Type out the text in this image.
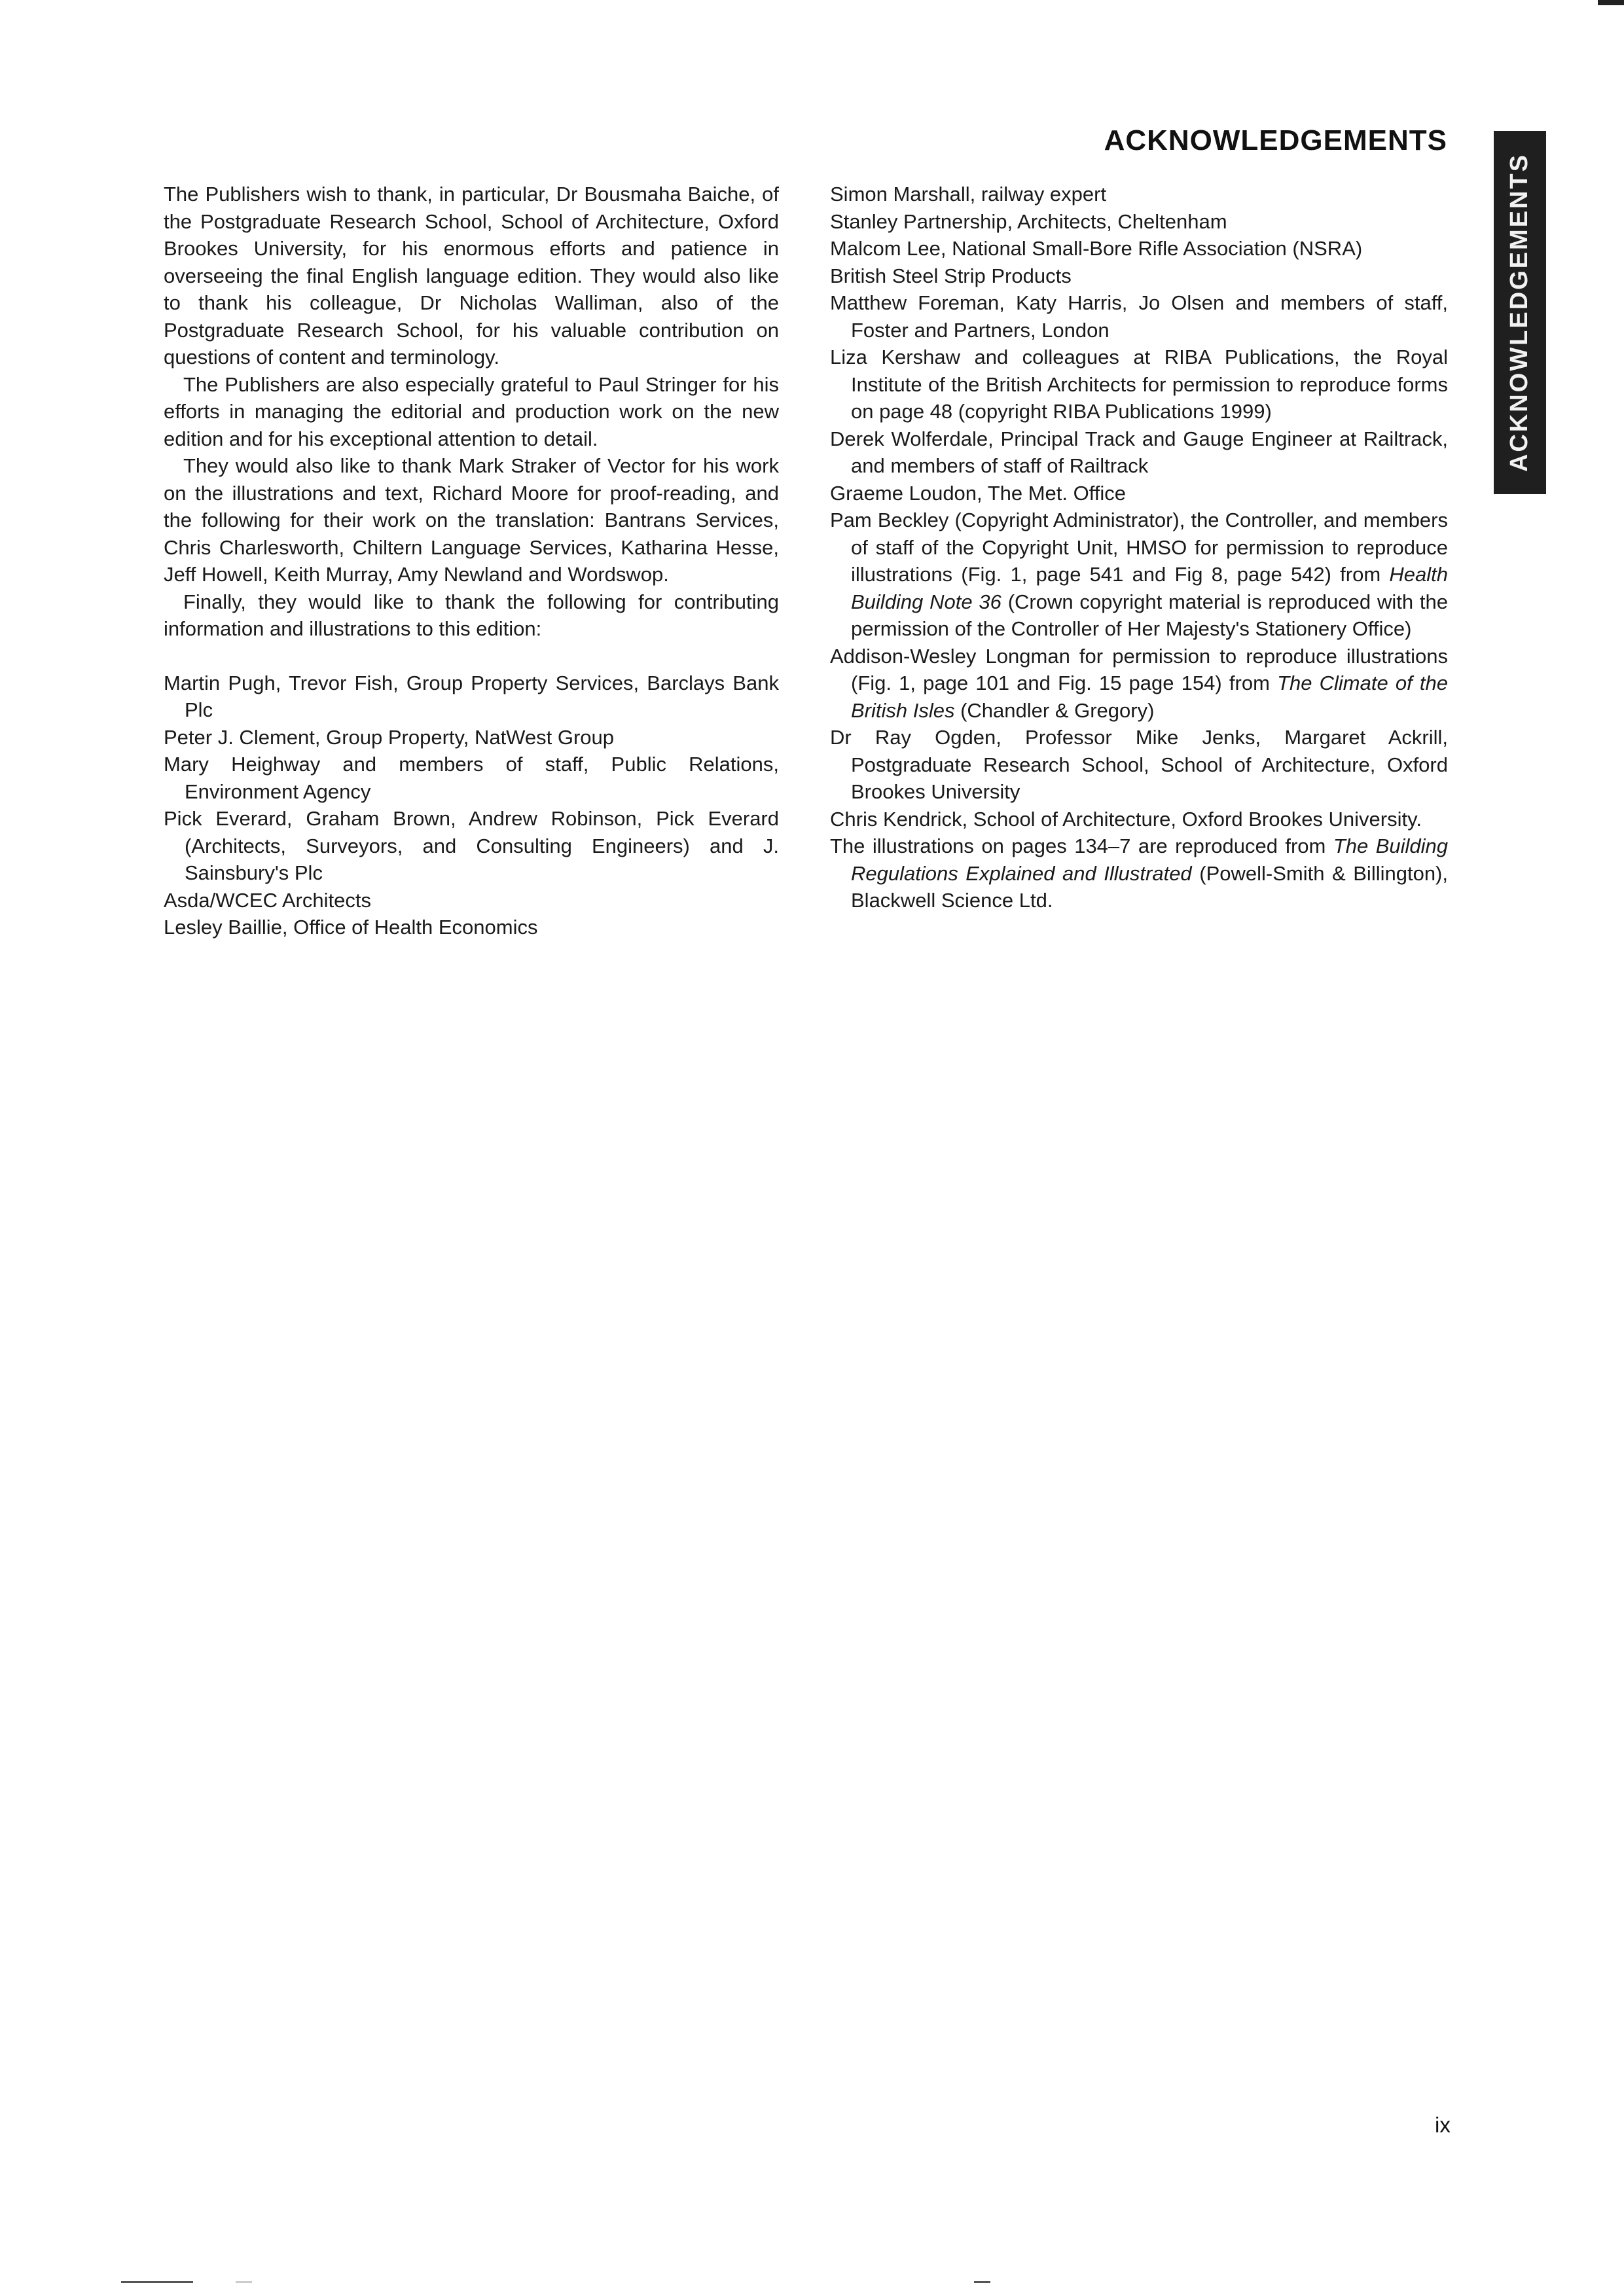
ACKNOWLEDGEMENTS
ACKNOWLEDGEMENTS

The Publishers wish to thank, in particular, Dr Bousmaha Baiche, of the Postgraduate Research School, School of Architecture, Oxford Brookes University, for his enormous efforts and patience in overseeing the final English language edition. They would also like to thank his colleague, Dr Nicholas Walliman, also of the Postgraduate Research School, for his valuable contribution on questions of content and terminology.

The Publishers are also especially grateful to Paul Stringer for his efforts in managing the editorial and production work on the new edition and for his exceptional attention to detail.

They would also like to thank Mark Straker of Vector for his work on the illustrations and text, Richard Moore for proof-reading, and the following for their work on the translation: Bantrans Services, Chris Charlesworth, Chiltern Language Services, Katharina Hesse, Jeff Howell, Keith Murray, Amy Newland and Wordswop.

Finally, they would like to thank the following for contributing information and illustrations to this edition:

Martin Pugh, Trevor Fish, Group Property Services, Barclays Bank Plc

Peter J. Clement, Group Property, NatWest Group

Mary Heighway and members of staff, Public Relations, Environment Agency

Pick Everard, Graham Brown, Andrew Robinson, Pick Everard (Architects, Surveyors, and Consulting Engineers) and J. Sainsbury's Plc

Asda/WCEC Architects

Lesley Baillie, Office of Health Economics

Simon Marshall, railway expert

Stanley Partnership, Architects, Cheltenham

Malcom Lee, National Small-Bore Rifle Association (NSRA)

British Steel Strip Products

Matthew Foreman, Katy Harris, Jo Olsen and members of staff, Foster and Partners, London

Liza Kershaw and colleagues at RIBA Publications, the Royal Institute of the British Architects for permission to reproduce forms on page 48 (copyright RIBA Publications 1999)

Derek Wolferdale, Principal Track and Gauge Engineer at Railtrack, and members of staff of Railtrack

Graeme Loudon, The Met. Office

Pam Beckley (Copyright Administrator), the Controller, and members of staff of the Copyright Unit, HMSO for permission to reproduce illustrations (Fig. 1, page 541 and Fig 8, page 542) from Health Building Note 36 (Crown copyright material is reproduced with the permission of the Controller of Her Majesty's Stationery Office)

Addison-Wesley Longman for permission to reproduce illustrations (Fig. 1, page 101 and Fig. 15 page 154) from The Climate of the British Isles (Chandler & Gregory)

Dr Ray Ogden, Professor Mike Jenks, Margaret Ackrill, Postgraduate Research School, School of Architecture, Oxford Brookes University

Chris Kendrick, School of Architecture, Oxford Brookes University.

The illustrations on pages 134–7 are reproduced from The Building Regulations Explained and Illustrated (Powell-Smith & Billington), Blackwell Science Ltd.

ix
